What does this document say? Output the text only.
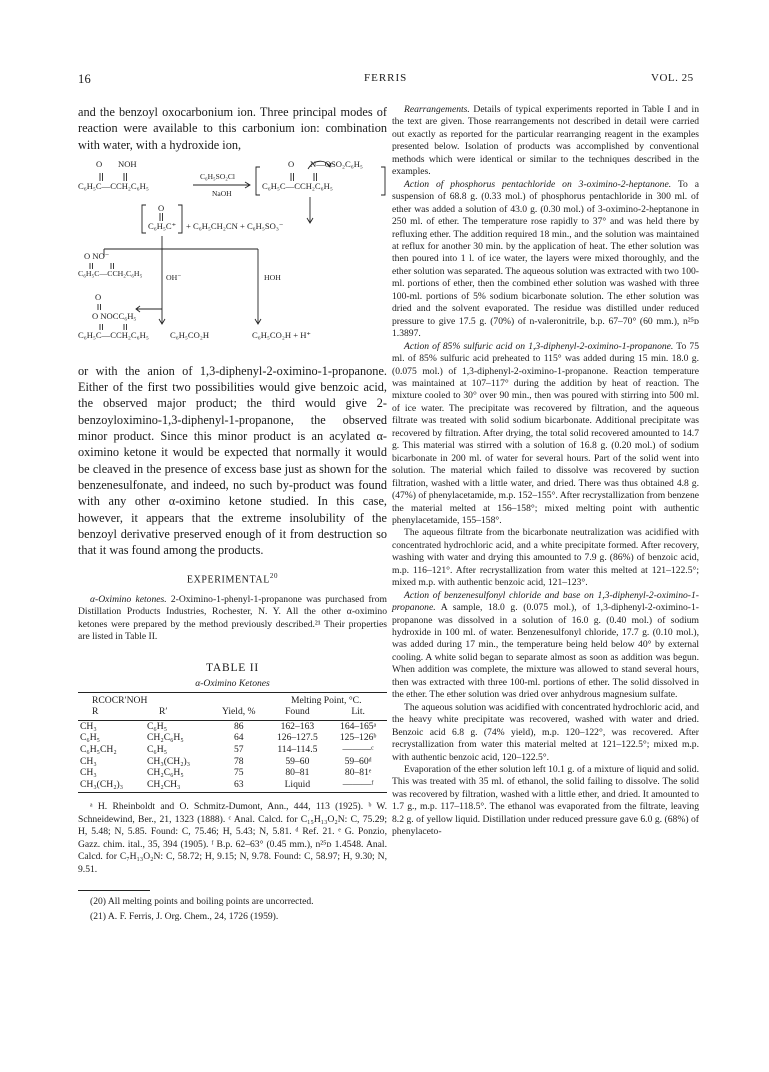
16	FERRIS	VOL. 25

and the benzoyl oxocarbonium ion. Three principal modes of reaction were available to this carbonium ion: combination with water, with a hydroxide ion,

O NOH
C₆H₅C—CCH₂C₆H₅
C₆H₅SO₂Cl
NaOH
O N—OSO₂C₆H₅
C₆H₅C—CCH₂C₆H₅
O
C₆H₅C⁺ + C₆H₅CH₂CN + C₆H₅SO₃⁻
O NO⁻
C₆H₅C—CCH₂C₆H₅	OH⁻	HOH
O
O NOCC₆H₅
C₆H₅C—CCH₂C₆H₅ C₆H₅CO₂H	C₆H₅CO₂H + H⁺

or with the anion of 1,3-diphenyl-2-oximino-1-propanone. Either of the first two possibilities would give benzoic acid, the observed major product; the third would give 2-benzoyloximino-1,3-diphenyl-1-propanone, the observed minor product. Since this minor product is an acylated α-oximino ketone it would be expected that normally it would be cleaved in the presence of excess base just as shown for the benzenesulfonate, and indeed, no such by-product was found with any other α-oximino ketone studied. In this case, however, it appears that the extreme insolubility of the benzoyl derivative preserved enough of it from destruction so that it was found among the products.

EXPERIMENTAL$^{20}$

α-Oximino ketones. 2-Oximino-1-phenyl-1-propanone was purchased from Distillation Products Industries, Rochester, N. Y. All the other α-oximino ketones were prepared by the method previously described.²¹ Their properties are listed in Table II.

TABLE II
α-Oximino Ketones
RCOCR′NOH			Melting Point, °C.	
R	R′	Yield, %	Found	Lit.
CH₃	C₆H₅	86	162–163	164–165ᵃ
C₆H₅	CH₂C₆H₅	64	126–127.5	125–126ᵇ
C₆H₅CH₂	C₆H₅	57	114–114.5	———ᶜ
CH₃	CH₃(CH₂)₃	78	59–60	59–60ᵈ
CH₃	CH₂C₆H₅	75	80–81	80–81ᵉ
CH₃(CH₂)₃	CH₂CH₃	63	Liquid	———ᶠ

ᵃ H. Rheinboldt and O. Schmitz-Dumont, Ann., 444, 113 (1925). ᵇ W. Schneidewind, Ber., 21, 1323 (1888). ᶜ Anal. Calcd. for C₁₅H₁₃O₂N: C, 75.29; H, 5.48; N, 5.85. Found: C, 75.46; H, 5.43; N, 5.81. ᵈ Ref. 21. ᵉ G. Ponzio, Gazz. chim. ital., 35, 394 (1905). ᶠ B.p. 62–63° (0.45 mm.), n²⁵ᴅ 1.4548. Anal. Calcd. for C₇H₁₃O₂N: C, 58.72; H, 9.15; N, 9.78. Found: C, 58.97; H, 9.30; N, 9.51.

(20) All melting points and boiling points are uncorrected.

(21) A. F. Ferris, J. Org. Chem., 24, 1726 (1959).

Rearrangements. Details of typical experiments reported in Table I and in the text are given. Those rearrangements not described in detail were carried out exactly as reported for the particular rearranging reagent in the examples presented below. Isolation of products was accomplished by conventional methods which were identical or similar to the techniques described in the examples.

Action of phosphorus pentachloride on 3-oximino-2-heptanone. To a suspension of 68.8 g. (0.33 mol.) of phosphorus pentachloride in 300 ml. of ether was added a solution of 43.0 g. (0.30 mol.) of 3-oximino-2-heptanone in 250 ml. of ether. The temperature rose rapidly to 37° and was held there by refluxing ether. The addition required 18 min., and the solution was maintained at reflux for another 30 min. by the application of heat. The ether solution was then poured into 1 l. of ice water, the layers were mixed thoroughly, and the ether solution was separated. The aqueous solution was extracted with two 100-ml. portions of ether, then the combined ether solution was washed with three 100-ml. portions of 5% sodium bicarbonate solution. The ether solution was dried and the solvent evaporated. The residue was distilled under reduced pressure to give 17.5 g. (70%) of n-valeronitrile, b.p. 67–70° (60 mm.), n²⁵ᴅ 1.3897.

Action of 85% sulfuric acid on 1,3-diphenyl-2-oximino-1-propanone. To 75 ml. of 85% sulfuric acid preheated to 115° was added during 15 min. 18.0 g. (0.075 mol.) of 1,3-diphenyl-2-oximino-1-propanone. Reaction temperature was maintained at 107–117° during the addition by heat of reaction. The mixture cooled to 30° over 90 min., then was poured with stirring into 500 ml. of ice water. The precipitate was recovered by filtration, and the aqueous filtrate was treated with solid sodium bicarbonate. Additional precipitate was recovered by filtration. After drying, the total solid recovered amounted to 14.7 g. This material was stirred with a solution of 16.8 g. (0.20 mol.) of sodium bicarbonate in 200 ml. of water for several hours. Part of the solid went into solution. The material which failed to dissolve was recovered by suction filtration, washed with a little water, and dried. There was thus obtained 4.8 g. (47%) of phenylacetamide, m.p. 152–155°. After recrystallization from benzene the material melted at 156–158°; mixed melting point with authentic phenylacetamide, 155–158°.

The aqueous filtrate from the bicarbonate neutralization was acidified with concentrated hydrochloric acid, and a white precipitate formed. After recovery, washing with water and drying this amounted to 7.9 g. (86%) of benzoic acid, m.p. 116–121°. After recrystallization from water this melted at 121–122.5°; mixed m.p. with authentic benzoic acid, 121–123°.

Action of benzenesulfonyl chloride and base on 1,3-diphenyl-2-oximino-1-propanone. A sample, 18.0 g. (0.075 mol.), of 1,3-diphenyl-2-oximino-1-propanone was dissolved in a solution of 16.0 g. (0.40 mol.) of sodium hydroxide in 100 ml. of water. Benzenesulfonyl chloride, 17.7 g. (0.10 mol.), was added during 17 min., the temperature being held below 40° by external cooling. A white solid began to separate almost as soon as addition was begun. When addition was complete, the mixture was allowed to stand several hours, then was extracted with three 100-ml. portions of ether. The solid dissolved in the ether. The ether solution was dried over anhydrous magnesium sulfate.

The aqueous solution was acidified with concentrated hydrochloric acid, and the heavy white precipitate was recovered, washed with water and dried. Benzoic acid 6.8 g. (74% yield), m.p. 120–122°, was recovered. After recrystallization from water this material melted at 121–122.5°; mixed m.p. with authentic benzoic acid, 120–122.5°.

Evaporation of the ether solution left 10.1 g. of a mixture of liquid and solid. This was treated with 35 ml. of ethanol, the solid failing to dissolve. The solid was recovered by filtration, washed with a little ether, and dried. It amounted to 1.7 g., m.p. 117–118.5°. The ethanol was evaporated from the filtrate, leaving 8.2 g. of yellow liquid. Distillation under reduced pressure gave 6.0 g. (68%) of phenylaceto-
